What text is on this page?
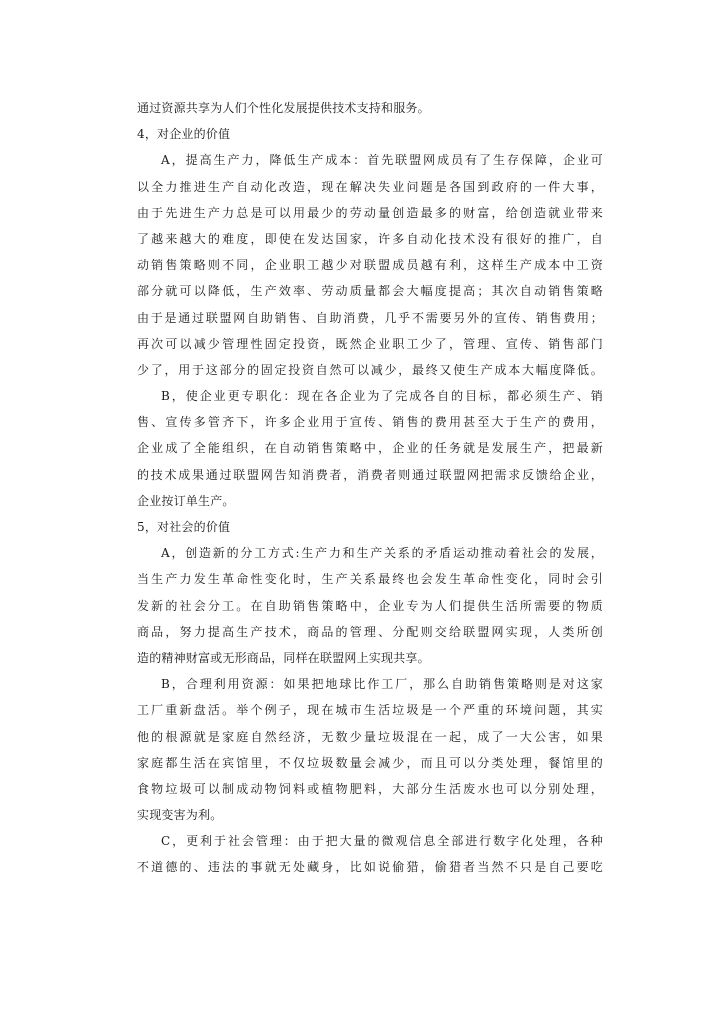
通过资源共享为人们个性化发展提供技术支持和服务。
4，对企业的价值
A，提高生产力，降低生产成本：首先联盟网成员有了生存保障，企业可
以全力推进生产自动化改造，现在解决失业问题是各国到政府的一件大事，
由于先进生产力总是可以用最少的劳动量创造最多的财富，给创造就业带来
了越来越大的难度，即使在发达国家，许多自动化技术没有很好的推广，自
动销售策略则不同，企业职工越少对联盟成员越有利，这样生产成本中工资
部分就可以降低，生产效率、劳动质量都会大幅度提高；其次自动销售策略
由于是通过联盟网自助销售、自助消费，几乎不需要另外的宣传、销售费用；
再次可以减少管理性固定投资，既然企业职工少了，管理、宣传、销售部门
少了，用于这部分的固定投资自然可以减少，最终又使生产成本大幅度降低。
B，使企业更专职化：现在各企业为了完成各自的目标，都必须生产、销
售、宣传多管齐下，许多企业用于宣传、销售的费用甚至大于生产的费用，
企业成了全能组织，在自动销售策略中，企业的任务就是发展生产，把最新
的技术成果通过联盟网告知消费者，消费者则通过联盟网把需求反馈给企业，
企业按订单生产。
5，对社会的价值
A，创造新的分工方式:生产力和生产关系的矛盾运动推动着社会的发展，
当生产力发生革命性变化时，生产关系最终也会发生革命性变化，同时会引
发新的社会分工。在自助销售策略中，企业专为人们提供生活所需要的物质
商品，努力提高生产技术，商品的管理、分配则交给联盟网实现，人类所创
造的精神财富或无形商品，同样在联盟网上实现共享。
B，合理利用资源：如果把地球比作工厂，那么自助销售策略则是对这家
工厂重新盘活。举个例子，现在城市生活垃圾是一个严重的环境问题，其实
他的根源就是家庭自然经济，无数少量垃圾混在一起，成了一大公害，如果
家庭都生活在宾馆里，不仅垃圾数量会减少，而且可以分类处理，餐馆里的
食物垃圾可以制成动物饲料或植物肥料，大部分生活废水也可以分别处理，
实现变害为利。
C，更利于社会管理：由于把大量的微观信息全部进行数字化处理，各种
不道德的、违法的事就无处藏身，比如说偷猎，偷猎者当然不只是自己要吃
